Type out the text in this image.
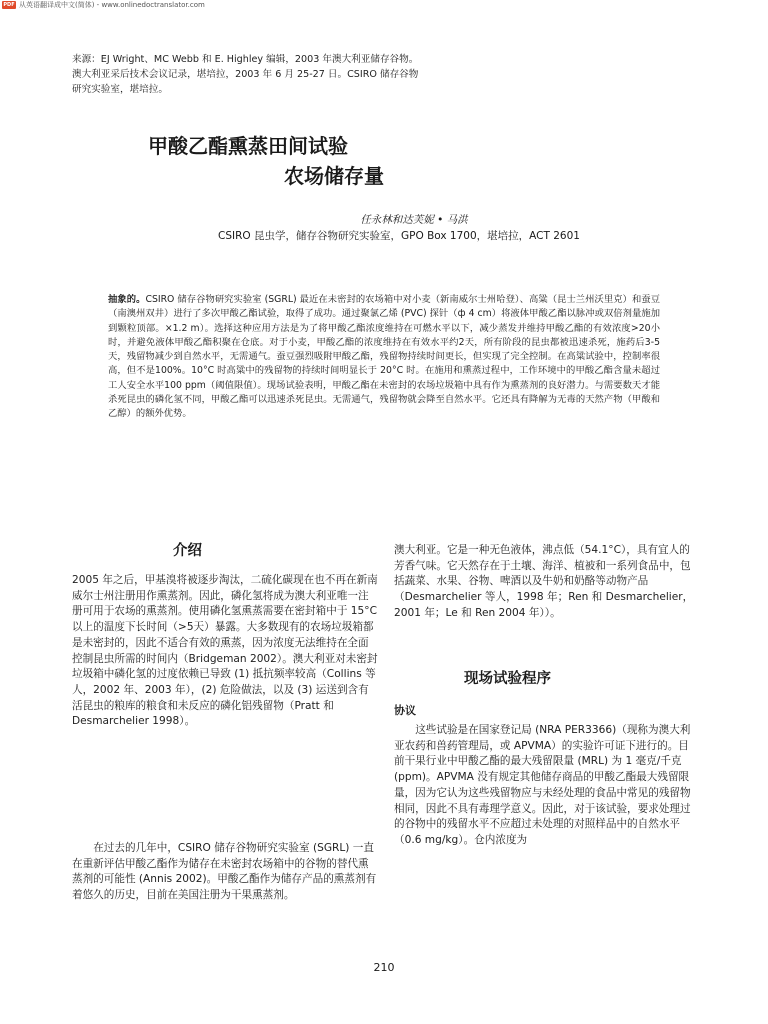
PDF 从英语翻译成中文(简体) - www.onlinedoctranslator.com
来源：EJ Wright、MC Webb 和 E. Highley 编辑，2003 年澳大利亚储存谷物。
澳大利亚采后技术会议记录，堪培拉，2003 年 6 月 25-27 日。CSIRO 储存谷物
研究实验室，堪培拉。
甲酸乙酯熏蒸田间试验
农场储存量
任永林和达芙妮 • 马洪
CSIRO 昆虫学，储存谷物研究实验室，GPO Box 1700，堪培拉，ACT 2601
抽象的。CSIRO 储存谷物研究实验室 (SGRL) 最近在未密封的农场箱中对小麦（新南威尔士州哈登）、高粱（昆士兰州沃里克）和蚕豆（南澳州双井）进行了多次甲酸乙酯试验，取得了成功。通过聚氯乙烯 (PVC) 探针（ф 4 cm）将液体甲酸乙酯以脉冲或双倍剂量施加到颗粒顶部。×1.2 m）。选择这种应用方法是为了将甲酸乙酯浓度维持在可燃水平以下，减少蒸发并维持甲酸乙酯的有效浓度>20小时，并避免液体甲酸乙酯积聚在仓底。对于小麦，甲酸乙酯的浓度维持在有效水平约2天，所有阶段的昆虫都被迅速杀死，施药后3-5天，残留物减少到自然水平，无需通气。蚕豆强烈吸附甲酸乙酯，残留物持续时间更长，但实现了完全控制。在高粱试验中，控制率很高，但不是100%。10°C 时高粱中的残留物的持续时间明显长于 20°C 时。在施用和熏蒸过程中，工作环境中的甲酸乙酯含量未超过工人安全水平100 ppm（阈值限值）。现场试验表明，甲酸乙酯在未密封的农场垃圾箱中具有作为熏蒸剂的良好潜力。与需要数天才能杀死昆虫的磷化氢不同，甲酸乙酯可以迅速杀死昆虫。无需通气，残留物就会降至自然水平。它还具有降解为无毒的天然产物（甲酸和乙醇）的额外优势。
介绍
2005 年之后，甲基溴将被逐步淘汰，二硫化碳现在也不再在新南威尔士州注册用作熏蒸剂。因此，磷化氢将成为澳大利亚唯一注册可用于农场的熏蒸剂。使用磷化氢熏蒸需要在密封箱中于 15°C 以上的温度下长时间（>5天）暴露。大多数现有的农场垃圾箱都是未密封的，因此不适合有效的熏蒸，因为浓度无法维持在全面控制昆虫所需的时间内（Bridgeman 2002）。澳大利亚对未密封垃圾箱中磷化氢的过度依赖已导致 (1) 抵抗频率较高（Collins 等人，2002 年、2003 年），(2) 危险做法，以及 (3) 运送到含有活昆虫的粮库的粮食和未反应的磷化铝残留物（Pratt 和 Desmarchelier 1998）。
在过去的几年中，CSIRO 储存谷物研究实验室 (SGRL) 一直在重新评估甲酸乙酯作为储存在未密封农场箱中的谷物的替代熏蒸剂的可能性 (Annis 2002)。甲酸乙酯作为储存产品的熏蒸剂有着悠久的历史，目前在美国注册为干果熏蒸剂。
澳大利亚。它是一种无色液体，沸点低（54.1°C），具有宜人的芳香气味。它天然存在于土壤、海洋、植被和一系列食品中，包括蔬菜、水果、谷物、啤酒以及牛奶和奶酪等动物产品（Desmarchelier 等人，1998 年；Ren 和 Desmarchelier，2001 年；Le 和 Ren 2004 年））。
现场试验程序
协议
这些试验是在国家登记局 (NRA PER3366)（现称为澳大利亚农药和兽药管理局，或 APVMA）的实验许可证下进行的。目前干果行业中甲酸乙酯的最大残留限量 (MRL) 为 1 毫克/千克 (ppm)。APVMA 没有规定其他储存商品的甲酸乙酯最大残留限量，因为它认为这些残留物应与未经处理的食品中常见的残留物相同，因此不具有毒理学意义。因此，对于该试验，要求处理过的谷物中的残留水平不应超过未处理的对照样品中的自然水平（0.6 mg/kg）。仓内浓度为
210
